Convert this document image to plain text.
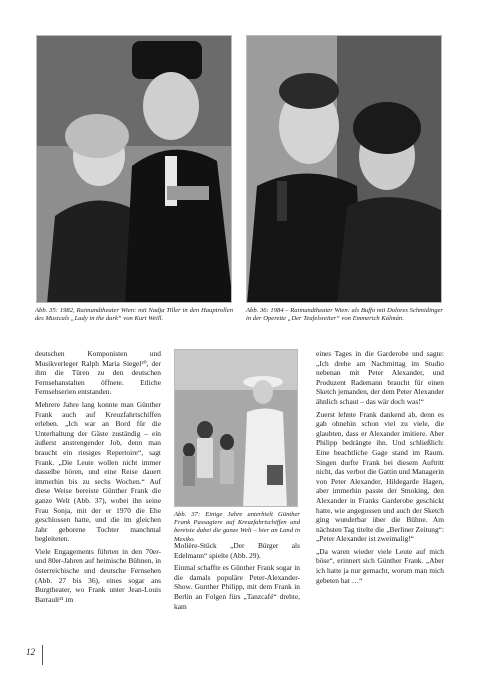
Abb. 35: 1982, Raimundtheater Wien: mit Nadja Tiller in den Hauptrollen des Musicals „Lady in the dark“ von Kurt Weill.
Abb. 36: 1984 – Raimundtheater Wien: als Buffo mit Dolores Schmidinger in der Operette „Der Teufelsreiter“ von Emmerich Kálmán.
Abb. 37: Einige Jahre unterhielt Günther Frank Passagiere auf Kreuzfahrtschiffen und bereiste dabei die ganze Welt – hier an Land in Mexiko.

deutschen Komponisten und Musikverleger Ralph Maria Siegel²⁰, der ihm die Türen zu den deutschen Fernsehanstalten öffnete. Etliche Fernsehserien entstanden.

Mehrere Jahre lang konnte man Günther Frank auch auf Kreuzfahrtschiffen erleben. „Ich war an Bord für die Unterhaltung der Gäste zuständig – ein äußerst anstrengender Job, denn man braucht ein riesiges Repertoire“, sagt Frank. „Die Leute wollen nicht immer dasselbe hören, und eine Reise dauert immerhin bis zu sechs Wochen.“ Auf diese Weise bereiste Günther Frank die ganze Welt (Abb. 37), wobei ihn seine Frau Sonja, mit der er 1970 die Ehe geschlossen hatte, und die im gleichen Jahr geborene Tochter manchmal begleiteten.

Viele Engagements führten in den 70er- und 80er-Jahren auf heimische Bühnen, in österreichische und deutsche Fernsehen (Abb. 27 bis 36), eines sogar ans Burgtheater, wo Frank unter Jean-Louis Barrault²¹ im

Molière-Stück „Der Bürger als Edelmann“ spielte (Abb. 29).

Einmal schaffte es Günther Frank sogar in die damals populäre Peter-Alexander-Show. Gunther Philipp, mit dem Frank in Berlin an Folgen fürs „Tanzcafé“ drehte, kam

eines Tages in die Garderobe und sagte: „Ich drehe am Nachmittag im Studio nebenan mit Peter Alexander, und Produzent Rademann braucht für einen Sketch jemanden, der dem Peter Alexander ähnlich schaut – das wär doch was!“

Zuerst lehnte Frank dankend ab, denn es gab ohnehin schon viel zu viele, die glaubten, dass er Alexander imitiere. Aber Philipp bedrängte ihn. Und schließlich: Eine beachtliche Gage stand im Raum. Singen durfte Frank bei diesem Auftritt nicht, das verbot die Gattin und Managerin von Peter Alexander, Hildegarde Hagen, aber immerhin passte der Smoking, den Alexander in Franks Garderobe geschickt hatte, wie angegossen und auch der Sketch ging wunderbar über die Bühne. Am nächsten Tag titelte die „Berliner Zeitung“: „Peter Alexander ist zweimalig!“

„Da waren wieder viele Leute auf mich böse“, erinnert sich Günther Frank. „Aber ich hatte ja nur gemacht, worum man mich gebeten hat …“

12
